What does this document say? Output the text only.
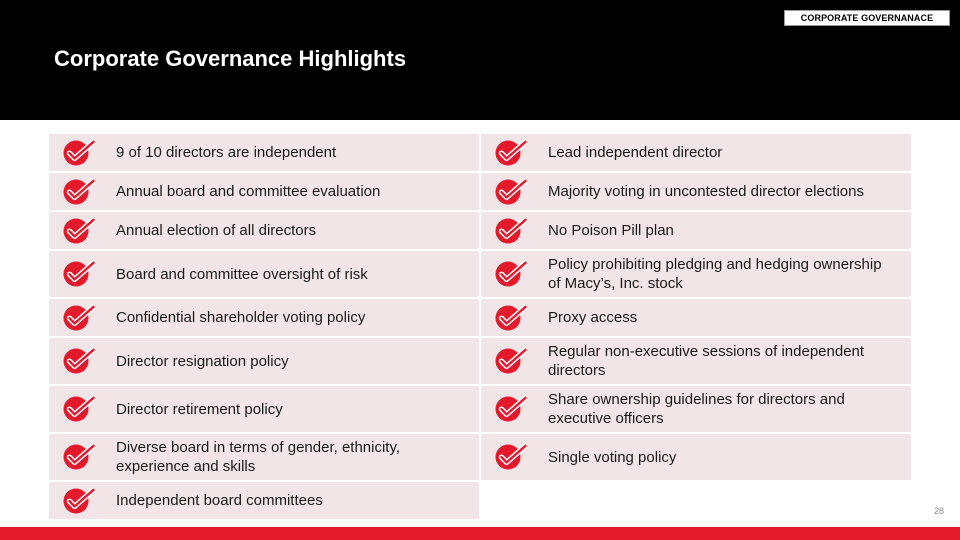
CORPORATE GOVERNANACE
Corporate Governance Highlights
9 of 10 directors are independent
Annual board and committee evaluation
Annual election of all directors
Board and committee oversight of risk
Confidential shareholder voting policy
Director resignation policy
Director retirement policy
Diverse board in terms of gender, ethnicity, experience and skills
Independent board committees
Lead independent director
Majority voting in uncontested director elections
No Poison Pill plan
Policy prohibiting pledging and hedging ownership of Macy’s, Inc. stock
Proxy access
Regular non-executive sessions of independent directors
Share ownership guidelines for directors and executive officers
Single voting policy
28
